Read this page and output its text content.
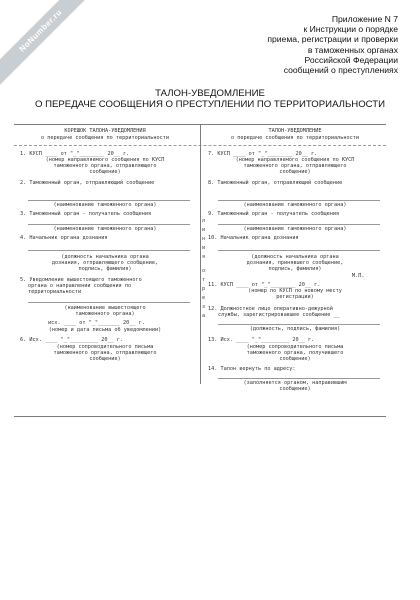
NoNumber.ru	Приложение N 7
к Инструкции о порядке
приема, регистрации и проверки
в таможенных органах
Российской Федерации
сообщений о преступлениях
ТАЛОН-УВЕДОМЛЕНИЕ
О ПЕРЕДАЧЕ СООБЩЕНИЯ О ПРЕСТУПЛЕНИИ ПО ТЕРРИТОРИАЛЬНОСТИ
КОРЕШОК ТАЛОНА-УВЕДОМЛЕНИЯ
о передаче сообщения по территориальности
1. КУСП ____ от "_"________ 20__ г.
(номер направляемого сообщения по КУСП
таможенного органа, отправляющего
сообщение)
2. Таможенный орган, отправляющий сообщение
(наименование таможенного органа)
3. Таможенный орган - получатель сообщения
(наименование таможенного органа)
4. Начальник органа дознания
(должность начальника органа
дознания, отправляющего сообщение,
подпись, фамилия)
5. Уведомление вышестоящего таможенного
органа о направлении сообщения по
территориальности
(наименование вышестоящего
таможенного органа)
исх. ____ от "_"_______ 20__ г.
(номер и дата письма об уведомлении)
6. Исх. ____ "_"_________ 20__ г.
(номер сопроводительного письма
таможенного органа, отправляющего
сообщение)
л
и
н
и
я
о
т
р
е
з
а
ТАЛОН-УВЕДОМЛЕНИЕ
о передаче сообщения по территориальности
7. КУСП ____ от "_"________ 20__ г.
(номер направляемого сообщения по КУСП
таможенного органа, отправляющего
сообщение)
8. Таможенный орган, отправляющий сообщение
(наименование таможенного органа)
9. Таможенный орган - получатель сообщения
(наименование таможенного органа)
10. Начальник органа дознания
(должность начальника органа
дознания, принявшего сообщение,
подпись, фамилия)
М.П.
11. КУСП ____ от "_"________ 20__ г.
(номер по КУСП по новому месту
регистрации)
12. Должностное лицо оперативно-дежурной
службы, зарегистрировавшее сообщение __
(должность, подпись, фамилия)
13. Исх. ____ "_"_________ 20__ г.
(номер сопроводительного письма
таможенного органа, получившего
сообщение)
14. Талон вернуть по адресу:
(заполняется органом, направившим
сообщение)
